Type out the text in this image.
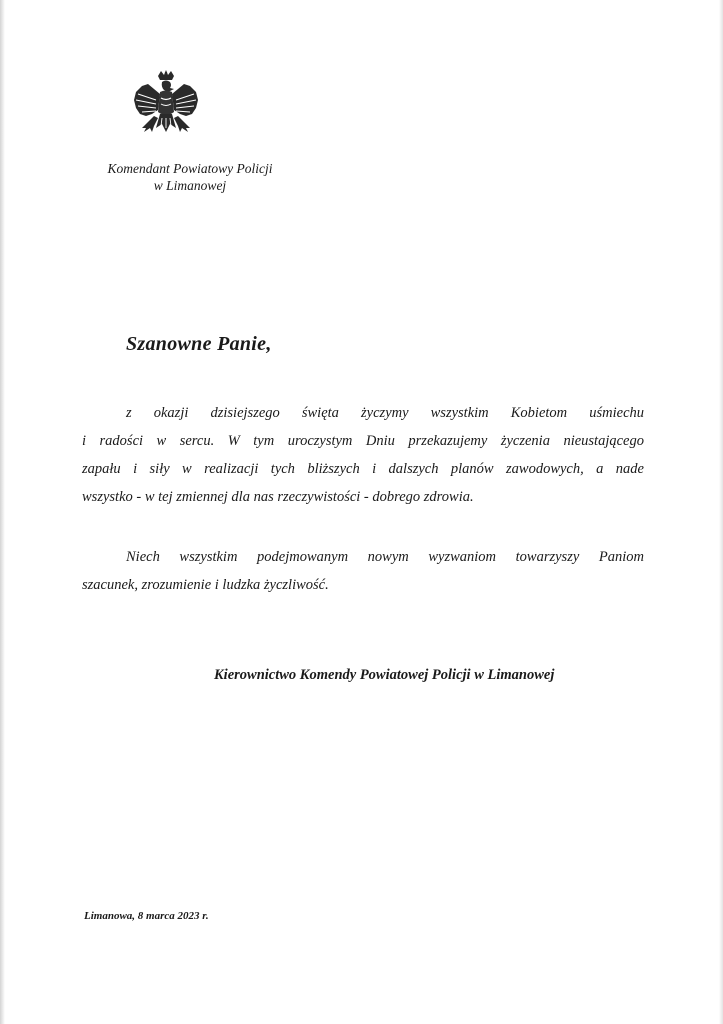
Komendant Powiatowy Policji
w Limanowej
Szanowne Panie,
z okazji dzisiejszego święta życzymy wszystkim Kobietom uśmiechu
i radości w sercu. W tym uroczystym Dniu przekazujemy życzenia nieustającego
zapału i siły w realizacji tych bliższych i dalszych planów zawodowych, a nade
wszystko - w tej zmiennej dla nas rzeczywistości - dobrego zdrowia.
Niech wszystkim podejmowanym nowym wyzwaniom towarzyszy Paniom
szacunek, zrozumienie i ludzka życzliwość.
Kierownictwo Komendy Powiatowej Policji w Limanowej
Limanowa, 8 marca 2023 r.
